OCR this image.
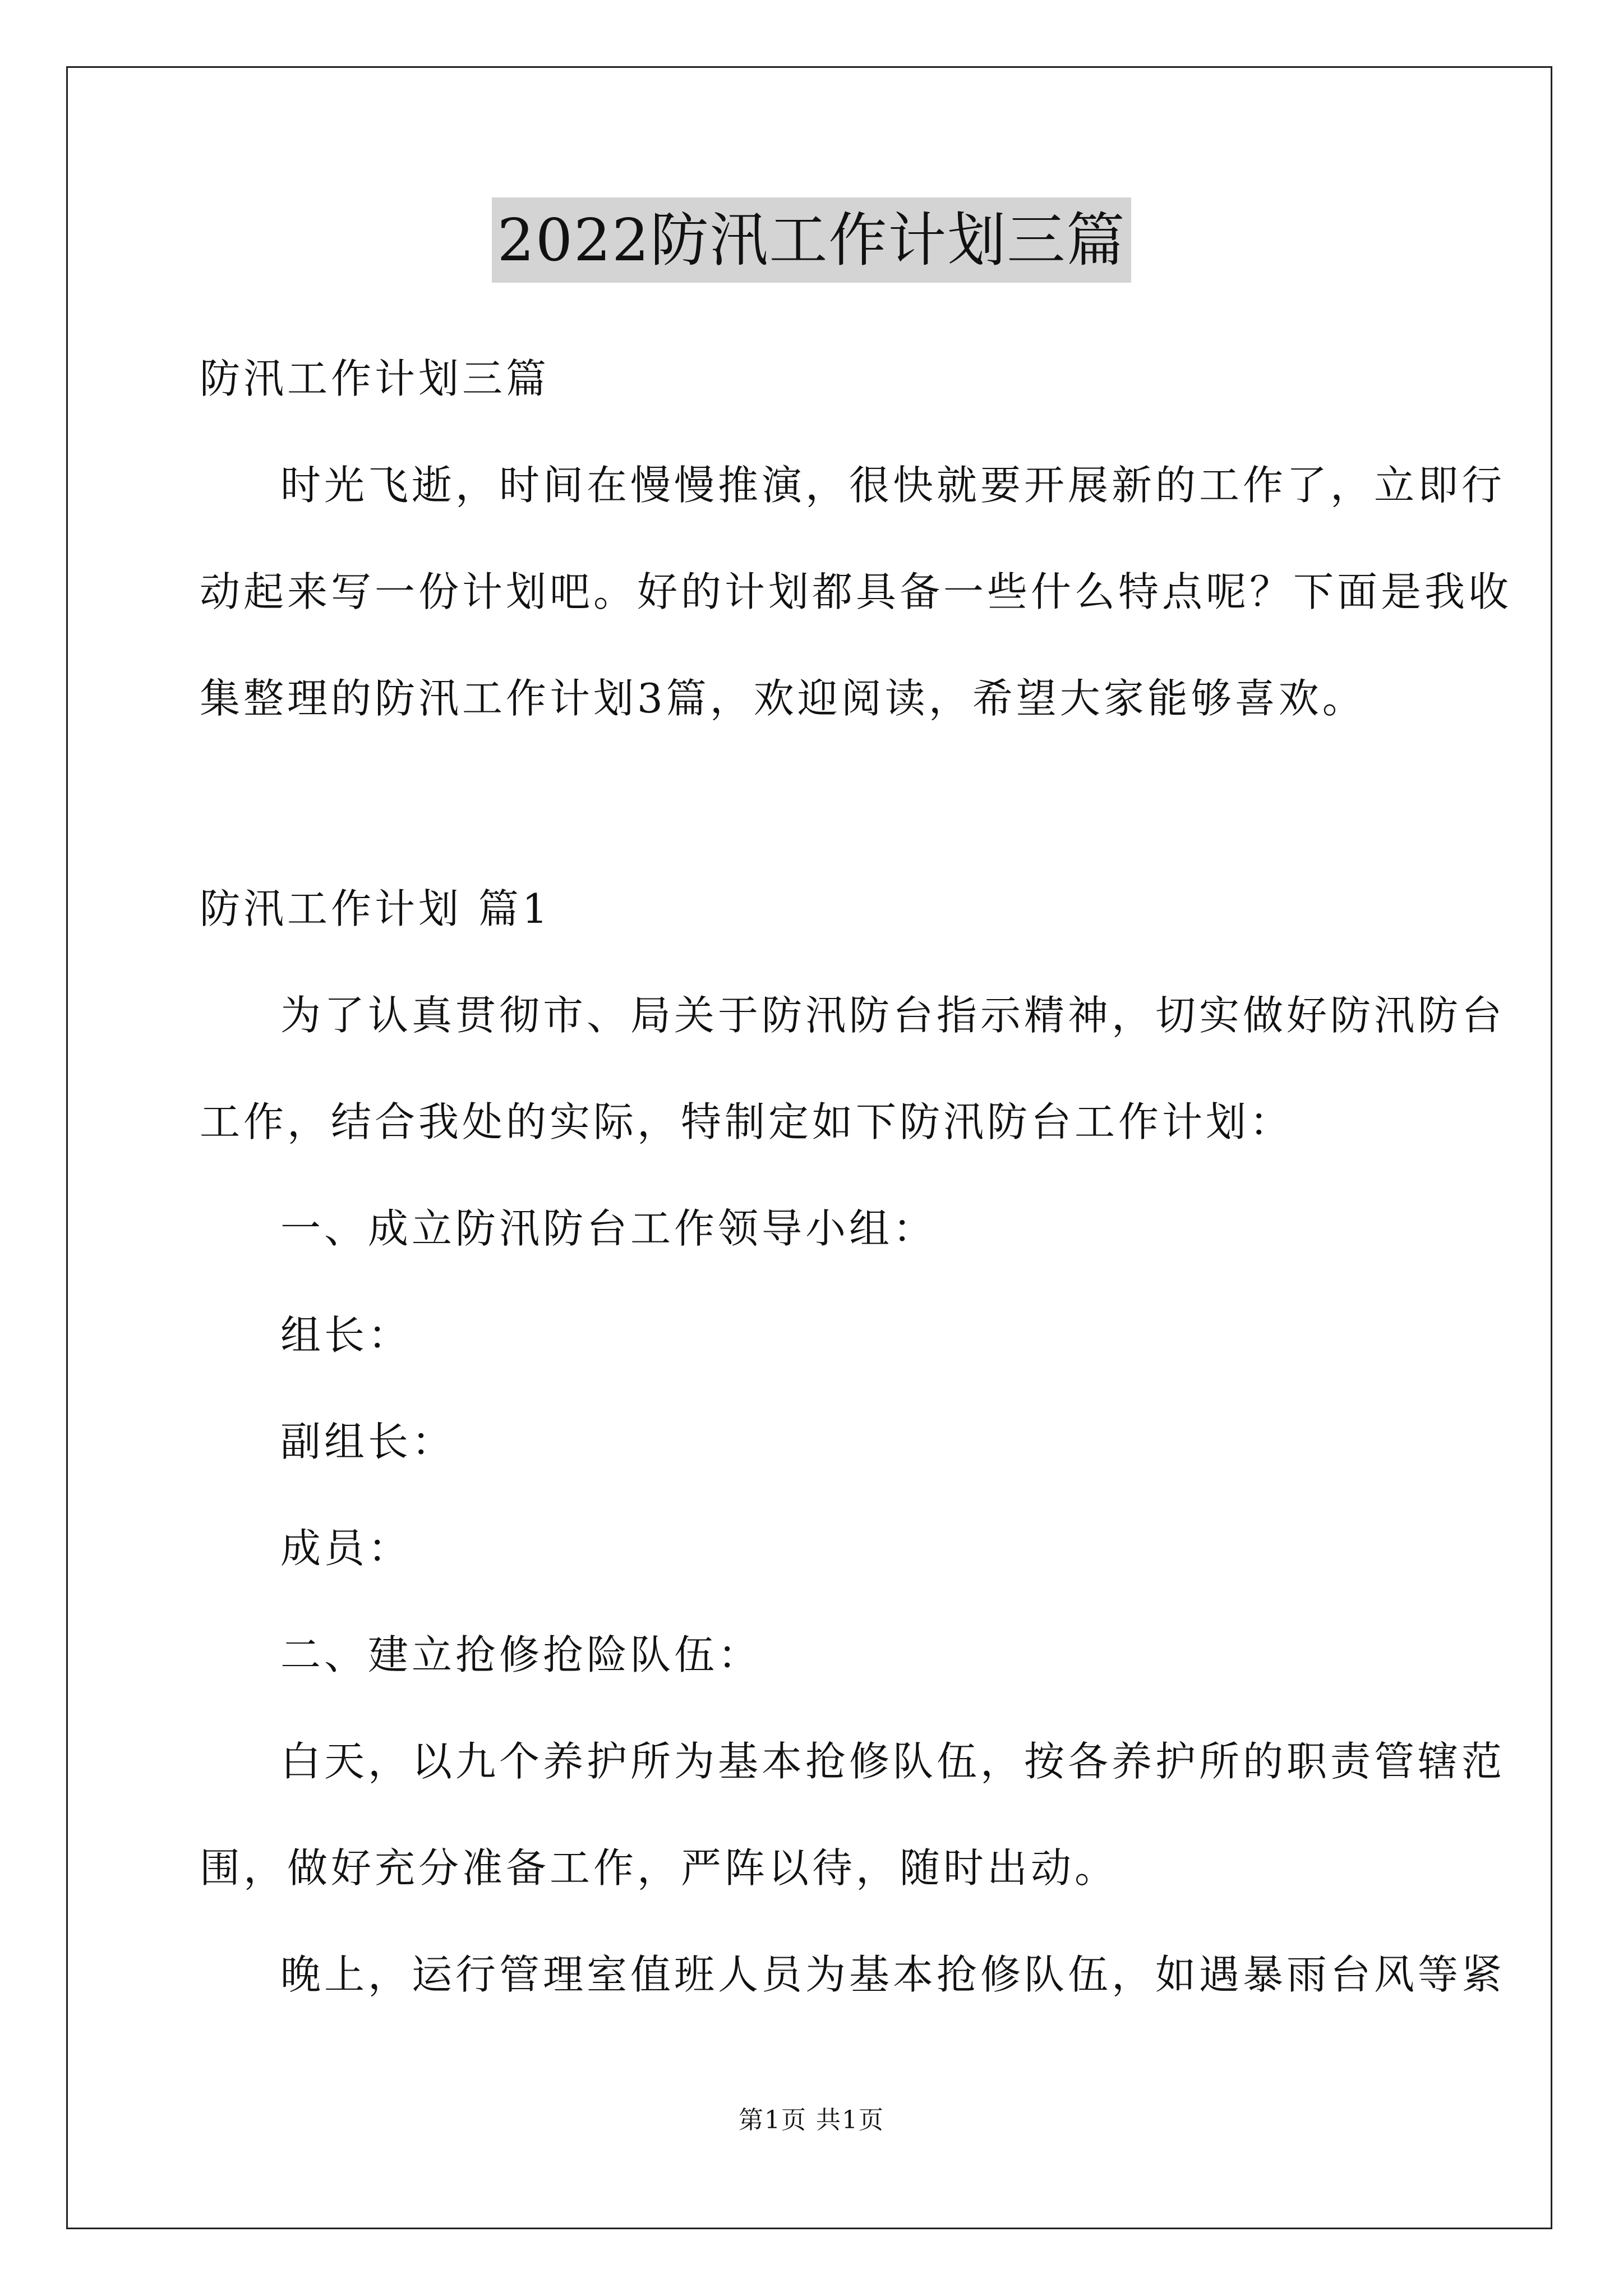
2022防汛工作计划三篇
防汛工作计划三篇
时光飞逝，时间在慢慢推演，很快就要开展新的工作了，立即行
动起来写一份计划吧。好的计划都具备一些什么特点呢？下面是我收
集整理的防汛工作计划3篇，欢迎阅读，希望大家能够喜欢。
防汛工作计划 篇1
为了认真贯彻市、局关于防汛防台指示精神，切实做好防汛防台
工作，结合我处的实际，特制定如下防汛防台工作计划：
一、成立防汛防台工作领导小组：
组长：
副组长：
成员：
二、建立抢修抢险队伍：
白天，以九个养护所为基本抢修队伍，按各养护所的职责管辖范
围，做好充分准备工作，严阵以待，随时出动。
晚上，运行管理室值班人员为基本抢修队伍，如遇暴雨台风等紧
第1页 共1页
